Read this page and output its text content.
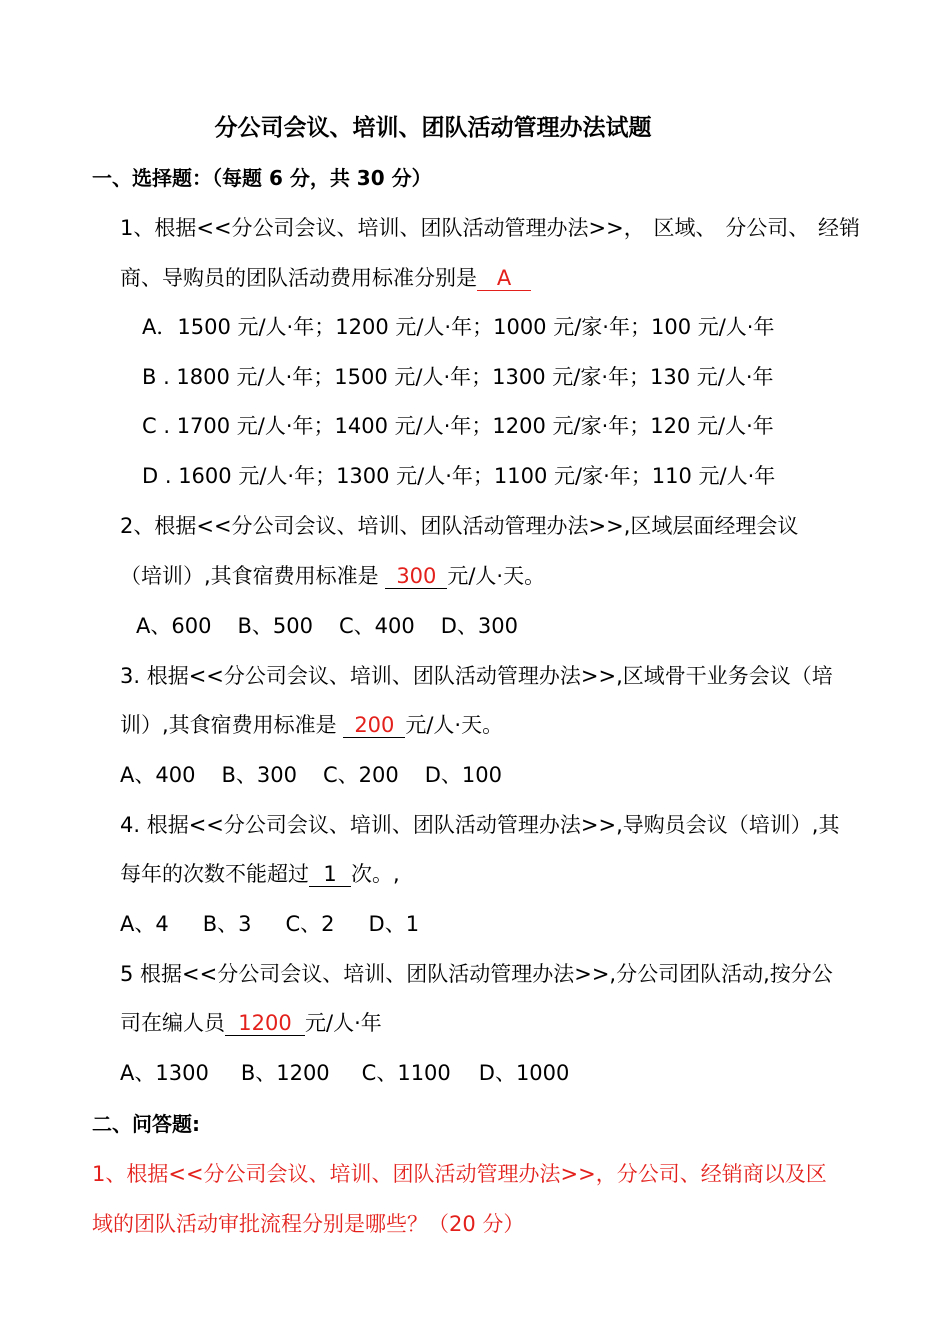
分公司会议、培训、团队活动管理办法试题
一、选择题：（每题 6 分，共 30 分）
1、根据<<分公司会议、培训、团队活动管理办法>>， 区域、 分公司、 经销
商、导购员的团队活动费用标准分别是 A
A．1500 元/人·年；1200 元/人·年；1000 元/家·年；100 元/人·年
B . 1800 元/人·年；1500 元/人·年；1300 元/家·年；130 元/人·年
C . 1700 元/人·年；1400 元/人·年；1200 元/家·年；120 元/人·年
D . 1600 元/人·年；1300 元/人·年；1100 元/家·年；110 元/人·年
2、根据<<分公司会议、培训、团队活动管理办法>>,区域层面经理会议
（培训）,其食宿费用标准是 300 元/人·天。
A、600 B、500 C、400 D、300
3. 根据<<分公司会议、培训、团队活动管理办法>>,区域骨干业务会议（培
训）,其食宿费用标准是 200 元/人·天。
A、400 B、300 C、200 D、100
4. 根据<<分公司会议、培训、团队活动管理办法>>,导购员会议（培训）,其
每年的次数不能超过 1 次。,
A、4 B、3 C、2 D、1
5 根据<<分公司会议、培训、团队活动管理办法>>,分公司团队活动,按分公
司在编人员 1200 元/人·年
A、1300 B、1200 C、1100 D、1000
二、问答题:
1、根据<<分公司会议、培训、团队活动管理办法>>，分公司、经销商以及区
域的团队活动审批流程分别是哪些？（20 分）
